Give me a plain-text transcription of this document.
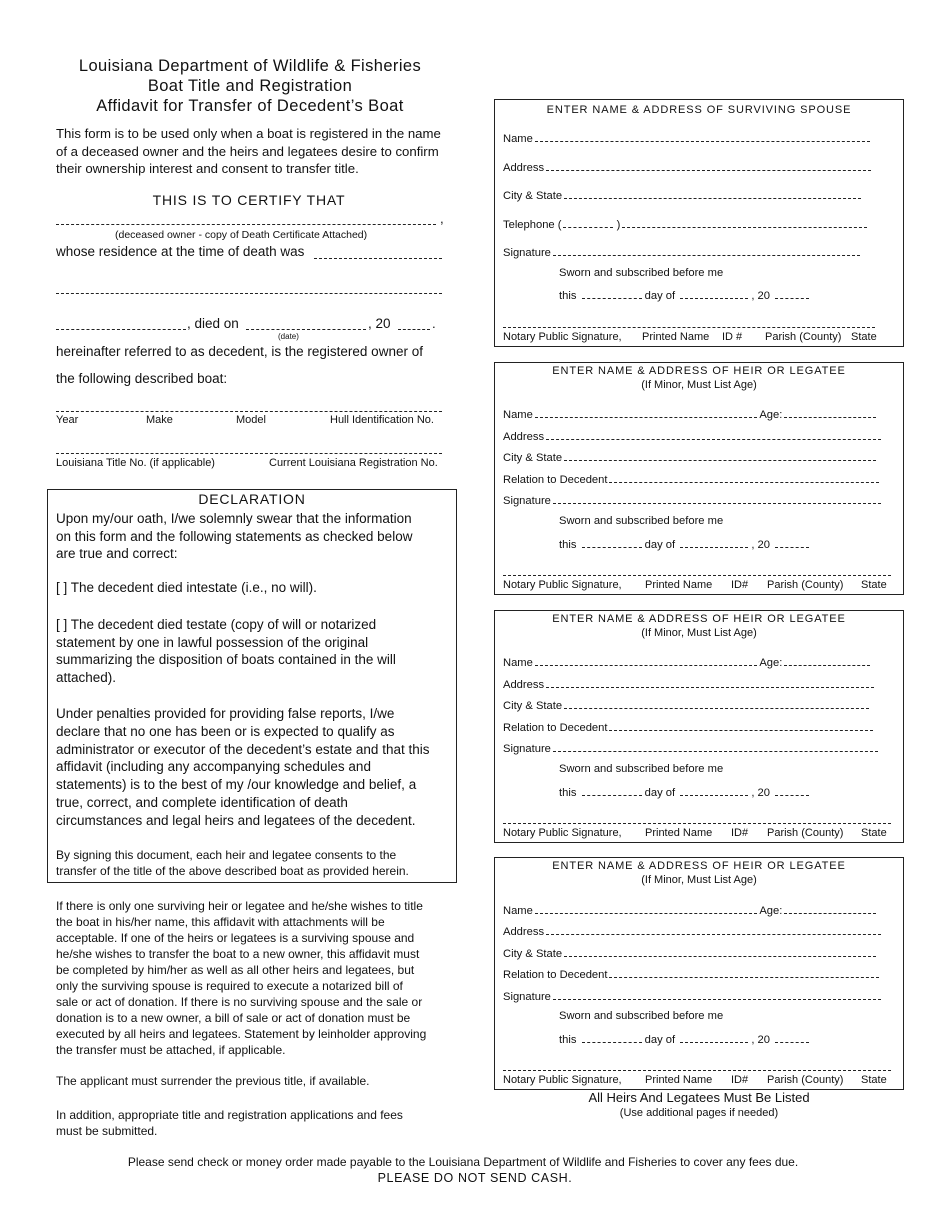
Louisiana Department of Wildlife & Fisheries
Boat Title and Registration
Affidavit for Transfer of Decedent’s Boat
This form is to be used only when a boat is registered in the name
of a deceased owner and the heirs and legatees desire to confirm
their ownership interest and consent to transfer title.
THIS IS TO CERTIFY THAT
,
(deceased owner - copy of Death Certificate Attached)
whose residence at the time of death was
, died on
(date)
, 20	.
hereinafter referred to as decedent, is the registered owner of
the following described boat:
Year	Make	Model	Hull Identification No.
Louisiana Title No. (if applicable)	Current Louisiana Registration No.
DECLARATION
Upon my/our oath, I/we solemnly swear that the information
on this form and the following statements as checked below
are true and correct:
[ ] The decedent died intestate (i.e., no will).
[ ] The decedent died testate (copy of will or notarized
statement by one in lawful possession of the original
summarizing the disposition of boats contained in the will
attached).
Under penalties provided for providing false reports, I/we
declare that no one has been or is expected to qualify as
administrator or executor of the decedent’s estate and that this
affidavit (including any accompanying schedules and
statements) is to the best of my /our knowledge and belief, a
true, correct, and complete identification of death
circumstances and legal heirs and legatees of the decedent.
By signing this document, each heir and legatee consents to the
transfer of the title of the above described boat as provided herein.
If there is only one surviving heir or legatee and he/she wishes to title
the boat in his/her name, this affidavit with attachments will be
acceptable. If one of the heirs or legatees is a surviving spouse and
he/she wishes to transfer the boat to a new owner, this affidavit must
be completed by him/her as well as all other heirs and legatees, but
only the surviving spouse is required to execute a notarized bill of
sale or act of donation. If there is no surviving spouse and the sale or
donation is to a new owner, a bill of sale or act of donation must be
executed by all heirs and legatees. Statement by leinholder approving
the transfer must be attached, if applicable.
The applicant must surrender the previous title, if available.
In addition, appropriate title and registration applications and fees
must be submitted.
ENTER NAME & ADDRESS OF SURVIVING SPOUSE
Name
Address
City & State
Telephone (	)
Signature
Sworn and subscribed before me
this	day of	, 20
Notary Public Signature, Printed Name ID # Parish (County) State
ENTER NAME & ADDRESS OF HEIR OR LEGATEE
(If Minor, Must List Age)
Name	Age:
Address
City & State
Relation to Decedent
Signature
Sworn and subscribed before me
this	day of	, 20
Notary Public Signature, Printed Name ID# Parish (County) State
ENTER NAME & ADDRESS OF HEIR OR LEGATEE
(If Minor, Must List Age)
Name	Age:
Address
City & State
Relation to Decedent
Signature
Sworn and subscribed before me
this	day of	, 20
Notary Public Signature, Printed Name ID# Parish (County) State
ENTER NAME & ADDRESS OF HEIR OR LEGATEE
(If Minor, Must List Age)
Name	Age:
Address
City & State
Relation to Decedent
Signature
Sworn and subscribed before me
this	day of	, 20
Notary Public Signature, Printed Name ID# Parish (County) State
All Heirs And Legatees Must Be Listed
(Use additional pages if needed)
Please send check or money order made payable to the Louisiana Department of Wildlife and Fisheries to cover any fees due.
PLEASE DO NOT SEND CASH.
